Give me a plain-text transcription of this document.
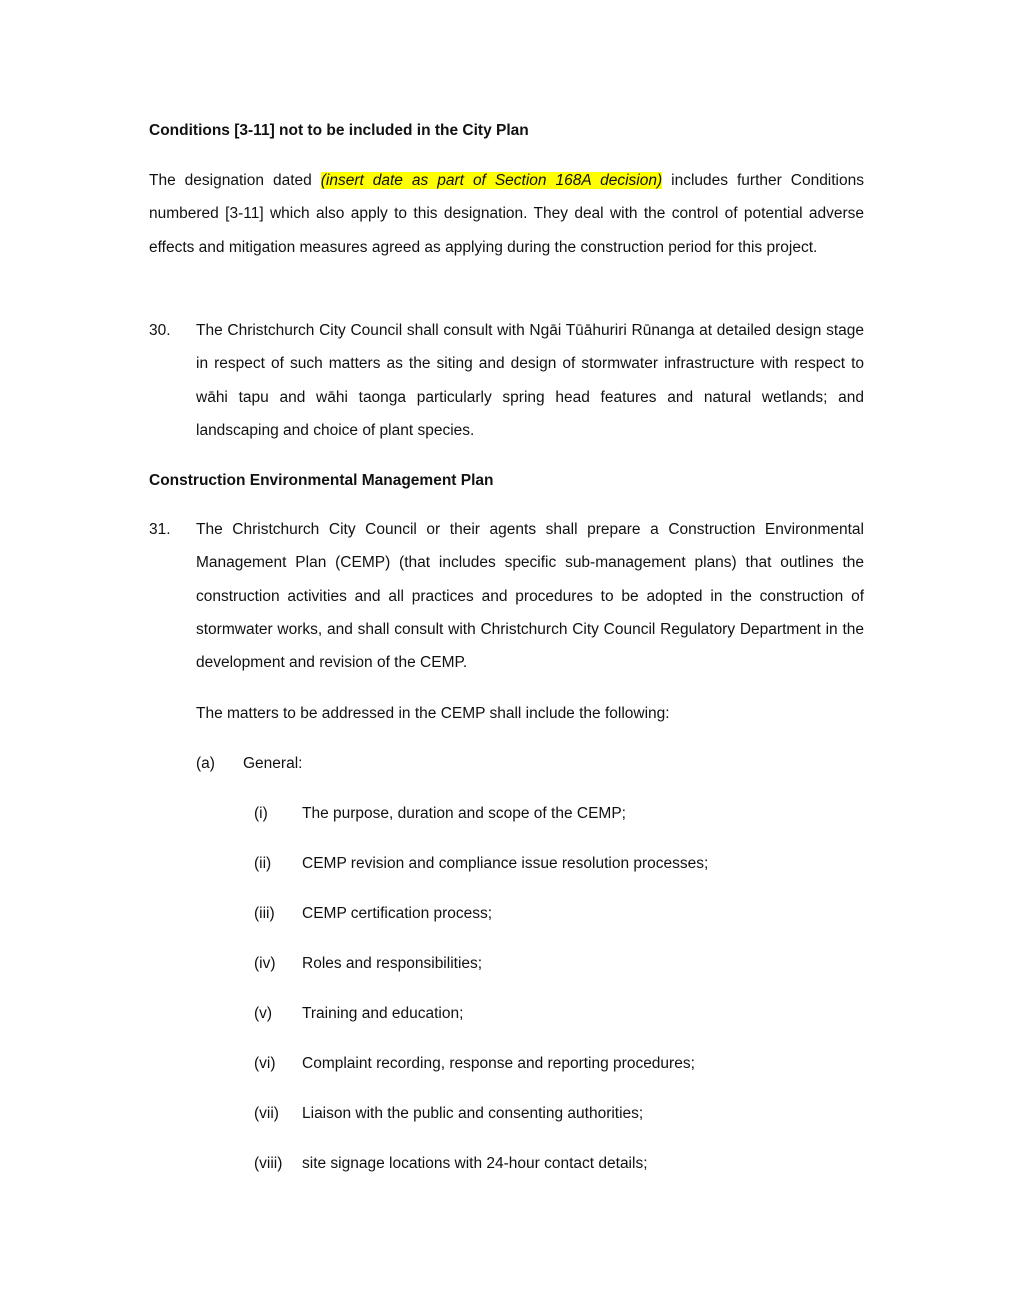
Conditions [3-11] not to be included in the City Plan

The designation dated (insert date as part of Section 168A decision) includes further Conditions numbered [3-11] which also apply to this designation. They deal with the control of potential adverse effects and mitigation measures agreed as applying during the construction period for this project.

30. The Christchurch City Council shall consult with Ngāi Tūāhuriri Rūnanga at detailed design stage in respect of such matters as the siting and design of stormwater infrastructure with respect to wāhi tapu and wāhi taonga particularly spring head features and natural wetlands; and landscaping and choice of plant species.
Construction Environmental Management Plan
31. The Christchurch City Council or their agents shall prepare a Construction Environmental Management Plan (CEMP) (that includes specific sub-management plans) that outlines the construction activities and all practices and procedures to be adopted in the construction of stormwater works, and shall consult with Christchurch City Council Regulatory Department in the development and revision of the CEMP.
The matters to be addressed in the CEMP shall include the following:
(a) General:
(i) The purpose, duration and scope of the CEMP;
(ii) CEMP revision and compliance issue resolution processes;
(iii) CEMP certification process;
(iv) Roles and responsibilities;
(v) Training and education;
(vi) Complaint recording, response and reporting procedures;
(vii) Liaison with the public and consenting authorities;
(viii) site signage locations with 24-hour contact details;
